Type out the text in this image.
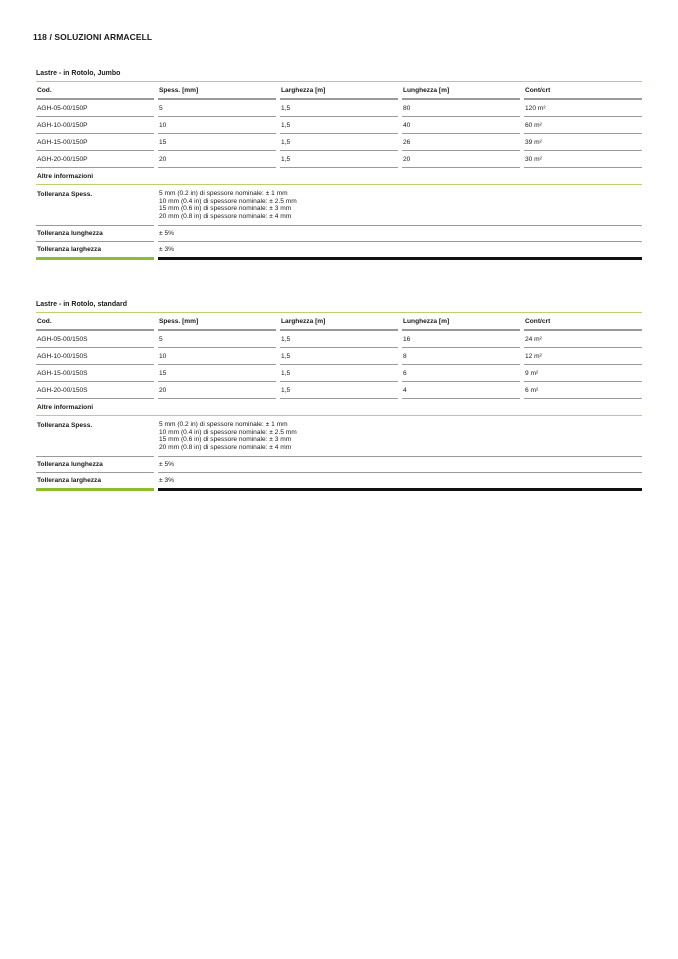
118 / SOLUZIONI ARMACELL
Lastre - in Rotolo, Jumbo
Cod.	Spess. [mm]	Larghezza [m]	Lunghezza [m]	Cont/crt
AGH-05-00/150P	5	1,5	80	120 m²
AGH-10-00/150P	10	1,5	40	60 m²
AGH-15-00/150P	15	1,5	26	39 m²
AGH-20-00/150P	20	1,5	20	30 m²
Altre informazioni
Tolleranza Spess.	5 mm (0.2 in) di spessore nominale: ± 1 mm
10 mm (0.4 in) di spessore nominale: ± 2.5 mm
15 mm (0.6 in) di spessore nominale: ± 3 mm
20 mm (0.8 in) di spessore nominale: ± 4 mm
Tolleranza lunghezza	± 5%
Tolleranza larghezza	± 3%
Lastre - in Rotolo, standard
Cod.	Spess. [mm]	Larghezza [m]	Lunghezza [m]	Cont/crt
AGH-05-00/150S	5	1,5	16	24 m²
AGH-10-00/150S	10	1,5	8	12 m²
AGH-15-00/150S	15	1,5	6	9 m²
AGH-20-00/150S	20	1,5	4	6 m²
Altre informazioni
Tolleranza Spess.	5 mm (0.2 in) di spessore nominale: ± 1 mm
10 mm (0.4 in) di spessore nominale: ± 2.5 mm
15 mm (0.6 in) di spessore nominale: ± 3 mm
20 mm (0.8 in) di spessore nominale: ± 4 mm
Tolleranza lunghezza	± 5%
Tolleranza larghezza	± 3%
